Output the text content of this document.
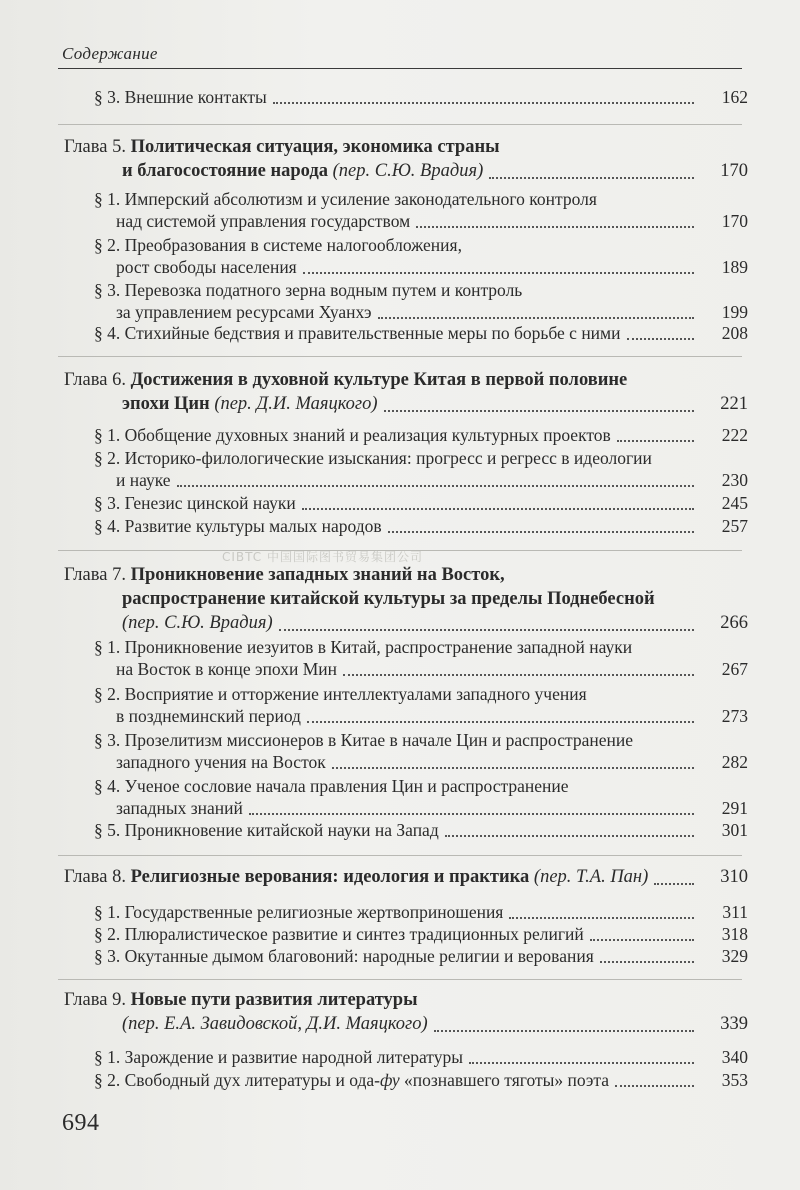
Содержание
§ 3. Внешние контакты	162
Глава 5. Политическая ситуация, экономика страны
и благосостояние народа (пер. С.Ю. Врадия)	170
§ 1. Имперский абсолютизм и усиление законодательного контроля
над системой управления государством	170
§ 2. Преобразования в системе налогообложения,
рост свободы населения	189
§ 3. Перевозка податного зерна водным путем и контроль
за управлением ресурсами Хуанхэ	199
§ 4. Стихийные бедствия и правительственные меры по борьбе с ними	208
Глава 6. Достижения в духовной культуре Китая в первой половине
эпохи Цин (пер. Д.И. Маяцкого)	221
§ 1. Обобщение духовных знаний и реализация культурных проектов	222
§ 2. Историко-филологические изыскания: прогресс и регресс в идеологии
и науке	230
§ 3. Генезис цинской науки	245
§ 4. Развитие культуры малых народов	257
CIBTC 中国国际图书贸易集团公司
Глава 7. Проникновение западных знаний на Восток,
распространение китайской культуры за пределы Поднебесной
(пер. С.Ю. Врадия)	266
§ 1. Проникновение иезуитов в Китай, распространение западной науки
на Восток в конце эпохи Мин	267
§ 2. Восприятие и отторжение интеллектуалами западного учения
в позднеминский период	273
§ 3. Прозелитизм миссионеров в Китае в начале Цин и распространение
западного учения на Восток	282
§ 4. Ученое сословие начала правления Цин и распространение
западных знаний	291
§ 5. Проникновение китайской науки на Запад	301
Глава 8. Религиозные верования: идеология и практика (пер. Т.А. Пан)	310
§ 1. Государственные религиозные жертвоприношения	311
§ 2. Плюралистическое развитие и синтез традиционных религий	318
§ 3. Окутанные дымом благовоний: народные религии и верования	329
Глава 9. Новые пути развития литературы
(пер. Е.А. Завидовской, Д.И. Маяцкого)	339
§ 1. Зарождение и развитие народной литературы	340
§ 2. Свободный дух литературы и ода-фу «познавшего тяготы» поэта	353
694
